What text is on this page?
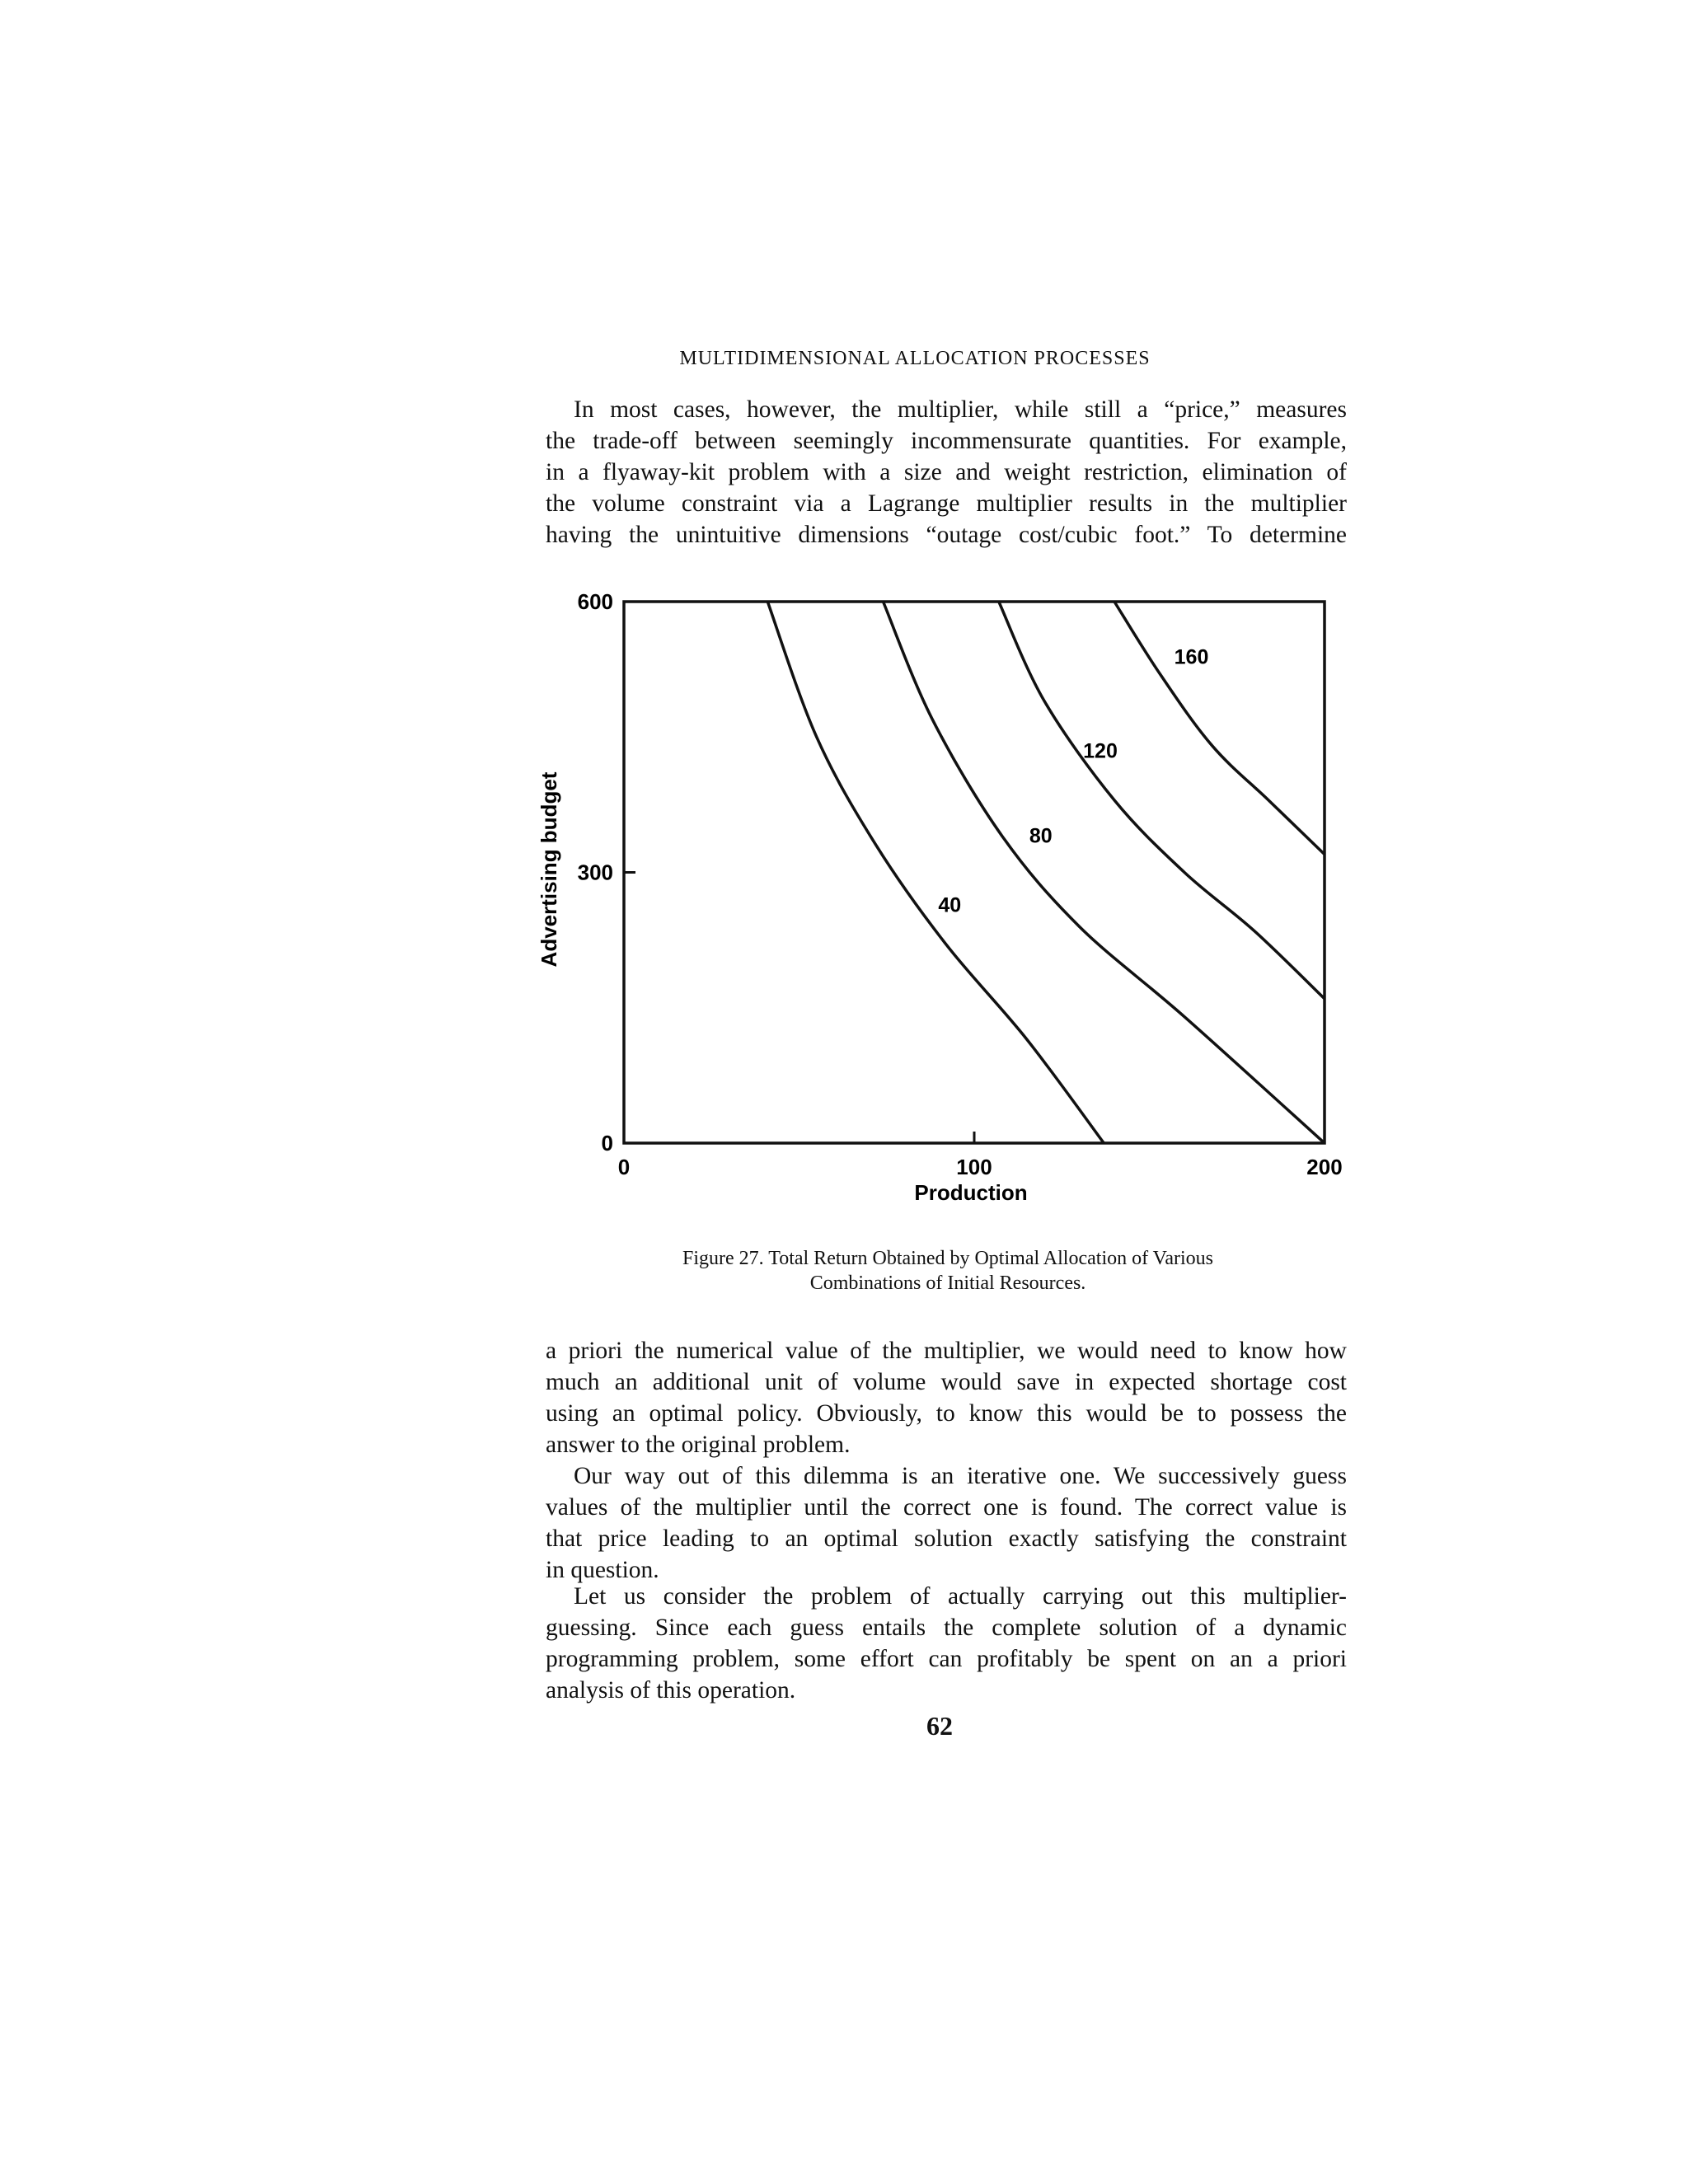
MULTIDIMENSIONAL ALLOCATION PROCESSES
In most cases, however, the multiplier, while still a “price,” measures
the trade-off between seemingly incommensurate quantities. For example,
in a flyaway-kit problem with a size and weight restriction, elimination of
the volume constraint via a Lagrange multiplier results in the multiplier
having the unintuitive dimensions “outage cost/cubic foot.” To determine
0	100	200
0
300
600
40
80
120
160
Production
Advertising budget
Figure 27. Total Return Obtained by Optimal Allocation of Various
Combinations of Initial Resources.
a priori the numerical value of the multiplier, we would need to know how
much an additional unit of volume would save in expected shortage cost
using an optimal policy. Obviously, to know this would be to possess the
answer to the original problem.
Our way out of this dilemma is an iterative one. We successively guess
values of the multiplier until the correct one is found. The correct value is
that price leading to an optimal solution exactly satisfying the constraint
in question.
Let us consider the problem of actually carrying out this multiplier-
guessing. Since each guess entails the complete solution of a dynamic
programming problem, some effort can profitably be spent on an a priori
analysis of this operation.
62
